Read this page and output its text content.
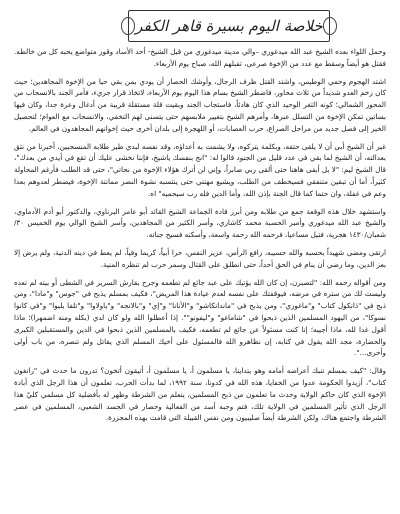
خلاصة اليوم بسيرة قاهر الكفر

وحمل اللواء بعده الشيخ عبد الله ميدغوري –والي مدينة ميدغوري من قبل الشيخ- أحد الأساد وقور متواضع يحبه كل من خالطه. فقتل هو أيضاً وسقط مع عدد من الإخوة صرعى، تقبلهم الله، صباح يوم الأربعاء.

اشتد الهجوم وحمي الوطيس، واشتد القتل ظرف الرجال، وأوشك الحصار أن يودي بمن بقي حيا من الإخوة المجاهدين؛ حيث كان زخم العدو شديداً من ثلاث محاور، فاضطر الشيخ بسام هذا اليوم يوم الأربعاء، لاتخاذ قرار جريء، فأمر الجند بالانسحاب من المحور الشمالي؛ كونه الثغر الوحيد الذي كان هادئاً، فاستجاب الجند وبقيت قلة مستقلة قريبة من أدغال وعرة جدا، وكان فيها بساتين تمكن الإخوة من التسلل عبرها، وأمرهم الشيخ بتغيير ملابسهم حتى يتسنى لهم التخفي، والانسحاب مع العوام؛ لتحصيل الخير إلى فصل جديد من مراحل الصراع، حرب العصابات، أو اللهجرة إلى بلدان أخرى حيث إخوانهم المجاهدون في العالم.

غير أن الشيخ أبى أن لا يلقى حتفه، وبكلمة يتركوه، ولا يشمت به أعداؤه، وقد نفسه لبدي طير طلابه المنسحبين، أخبرنا من نثق بعدالته، أن الشيخ لما بقي في عدد قليل من الجنود قالوا له: "انج بنفسك ياشيخ، فإننا نخشى عليك أن تقع في أيدي من بعدك"، قال الشيخ ليم: "لا بل أبقى هاهنا حتى ألقى ربي صابراً، وإني لن أترك هؤلاء الإخوة من نحاتي"، حتى قد الطلب فأرغم المحاولة كثيراً، أما أن تبقين متنفقي فسيخطف من الطلب، ويشيع مهنتي حتى ينتسبه نشوة النصر ممانتة الإخوة، فيضطر لعدوهم بعدا وعم في غفلة، وان حتما كما قال الجنة بإذن الله، وأما الدين فله رب سيحميه" اه.

واستشهد خلال هذه الوقعة جمع من طلابه ومن أبرز قادة الجماعة الشيخ القائد أبو عامر البرناوي، والدكتور أبو أدم الأدماوي، والشيخ عبد الله ميدغوري وأمير الحسبة محمد كاشاري، وأسر الكثير من المجاهدين، وأسر الشيخ الوالي يوم الخميس ٣٠/شعبان/١٤٣٠ هجرية، فتيل مساعيا، فرحمه الله رحمة واسعة، وأسكنه فسيح جناته.

ارتقى ومضى شهيداً بحسبه والله حسيبه، رافع الرأس، عزيز النفس، حرا أبياً، كريما وفياً، لم يعط في دينه الدنية، ولم يرض إلا بعز الدين، وما رضي أن ينام في الحق أحداً، حتى انطلق على القتال وسمر حرب لم تنظره المنية.

ومن أقواله رحمه الله: "لتصبرن، إن كان الله يؤتيك على عبد جائع لم تطعمه وجرح بقارش السرير في الشطى أو بيته لم تعده وليست لك من ستره في مرضه، فيوقفتك على نفسه لعدم عيادة هذا المريض"، فكيف بمسلم يذبح في "جوس" و"مادا"، ومن ذبح في "ذانكول كتاب" و"ماغوري"، ومن يذبح في "ماندانكاشو" و"الأنانا" و"إي" و"بالانجه" و"ياولاوا" و"تلفا بليوا" و"في كانوا نسوكا"، من اليهود المسلمين الذين ذبحوا في "شاماغو" و"ليفونو"". إذا أعطلوا الله ولو كان لدي (بكله ومنه اضمهرا)؛ ماذا أقول غدا لله، ماذا أجيبه؛ إنا كنت مسئولاً عن جائع لم تطعمه، فكيف بالمسلمين الذين ذبحوا في الدين والمستقبلين الكبرى والحضارة، مجد الله يقول في كتابه، إن نظاهرو الله فالمسئول على أخيك المسلم الذي يقاتل ولم تنصره، من باب أولى وأحرى...".

وقال: "كيف بمسلم تنبك أعراضه أمامه وهو يتداينا، يا مسلمون أ، يا مسلمون أ، أتيقون أتخون؟ تدرون ما حدث في "زانغون كتاب"، أزيدوا الحكومة عدوا من الخفايا، هذه الله في كدونا، سنة ١٩٩٢، لما بدأت الحرب، تعلمون أن هذا الرجل الذي أبادة الإخوة الذي كان حاكم الولاية وحدث ما تعلمون من ذبح المسلمين، يتعلم من الشرطة وظهر له بأفضلية كل مسلمي كليّ هذا الرجل الذي تأثير المسلمين في الولاية تلك، فتم وجبه أسد من الفعالية وحصار في الجسد الشعبي، المسلمين في عصر الشرطة واجتمع هناك، ولكن الشرطة أيضاً صليبيون ومن نفس القبيلة التي قامت بهذه المجزرة.
